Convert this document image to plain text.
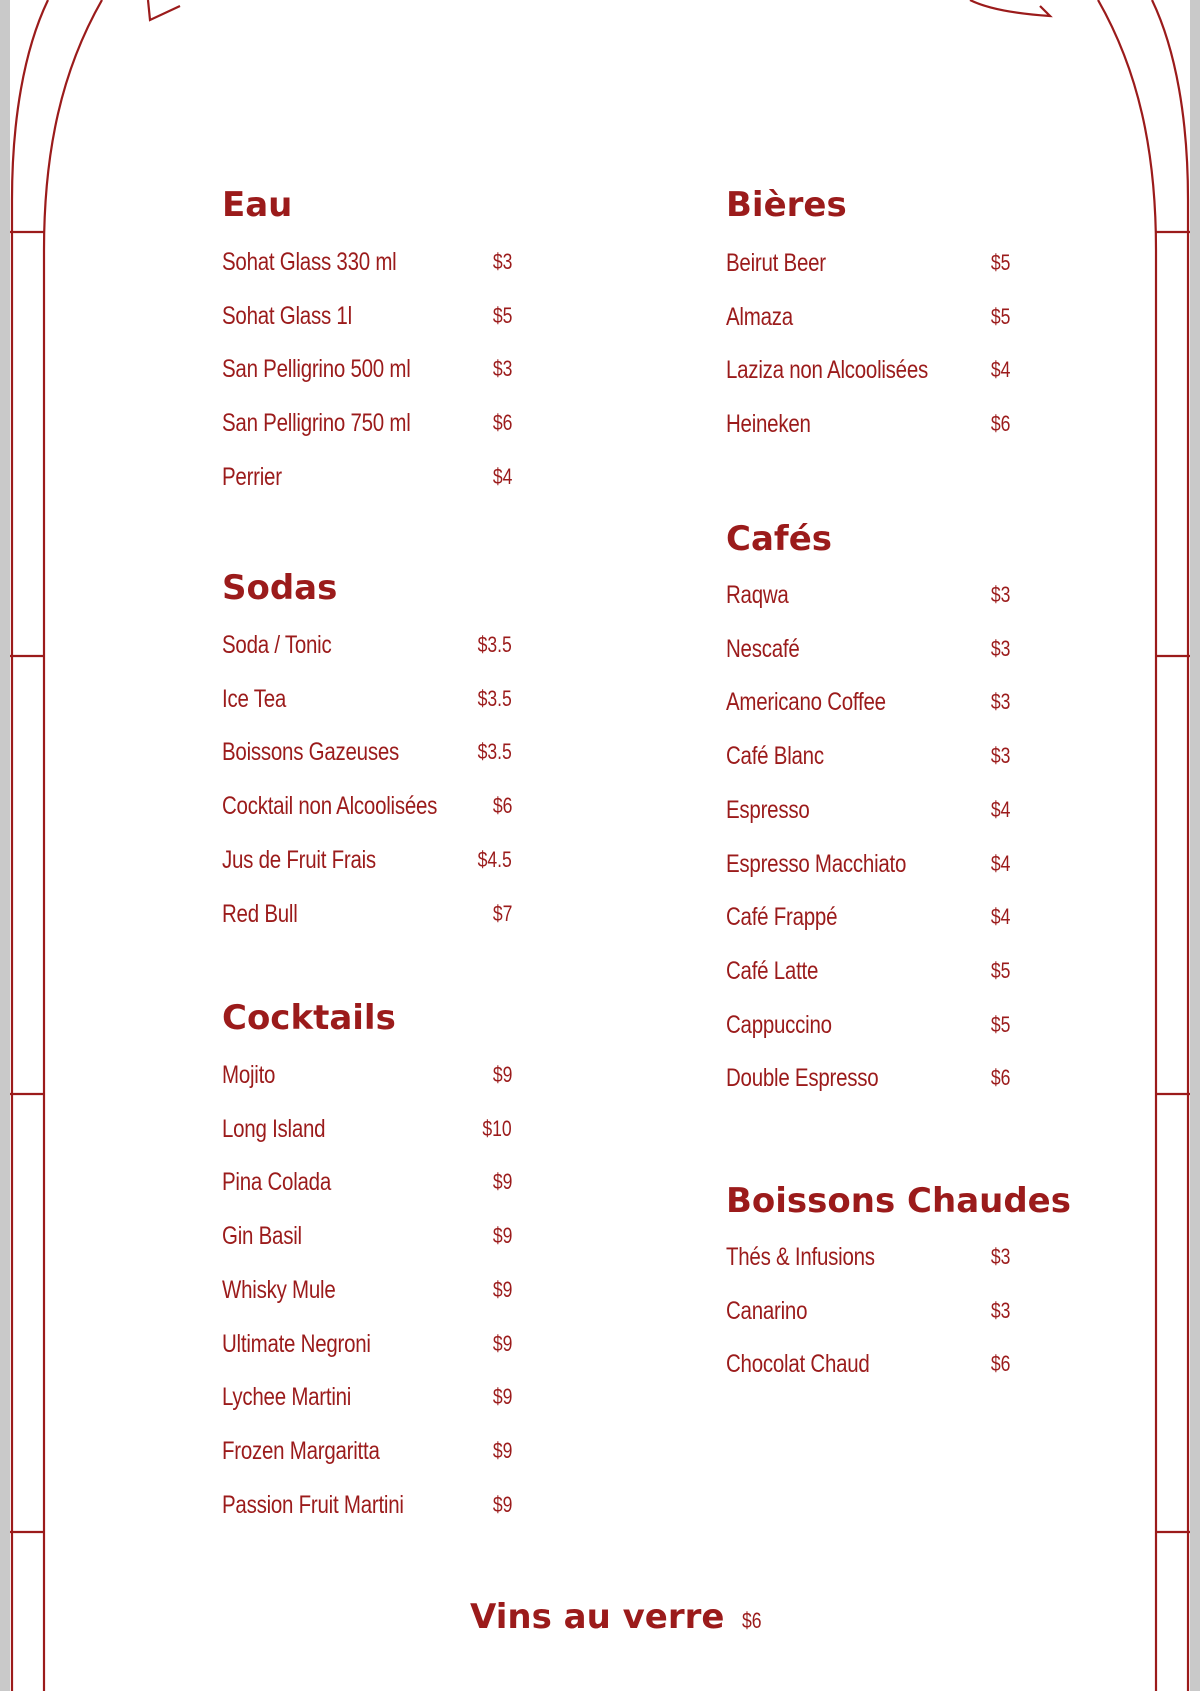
Eau
Sohat Glass 330 ml	$3
Sohat Glass 1l	$5
San Pelligrino 500 ml	$3
San Pelligrino 750 ml	$6
Perrier	$4
Sodas
Soda / Tonic	$3.5
Ice Tea	$3.5
Boissons Gazeuses	$3.5
Cocktail non Alcoolisées	$6
Jus de Fruit Frais	$4.5
Red Bull	$7
Cocktails
Mojito	$9
Long Island	$10
Pina Colada	$9
Gin Basil	$9
Whisky Mule	$9
Ultimate Negroni	$9
Lychee Martini	$9
Frozen Margaritta	$9
Passion Fruit Martini	$9
Bières
Beirut Beer	$5
Almaza	$5
Laziza non Alcoolisées	$4
Heineken	$6
Cafés
Raqwa	$3
Nescafé	$3
Americano Coffee	$3
Café Blanc	$3
Espresso	$4
Espresso Macchiato	$4
Café Frappé	$4
Café Latte	$5
Cappuccino	$5
Double Espresso	$6
Boissons Chaudes
Thés & Infusions	$3
Canarino	$3
Chocolat Chaud	$6
Vins au verre $6
